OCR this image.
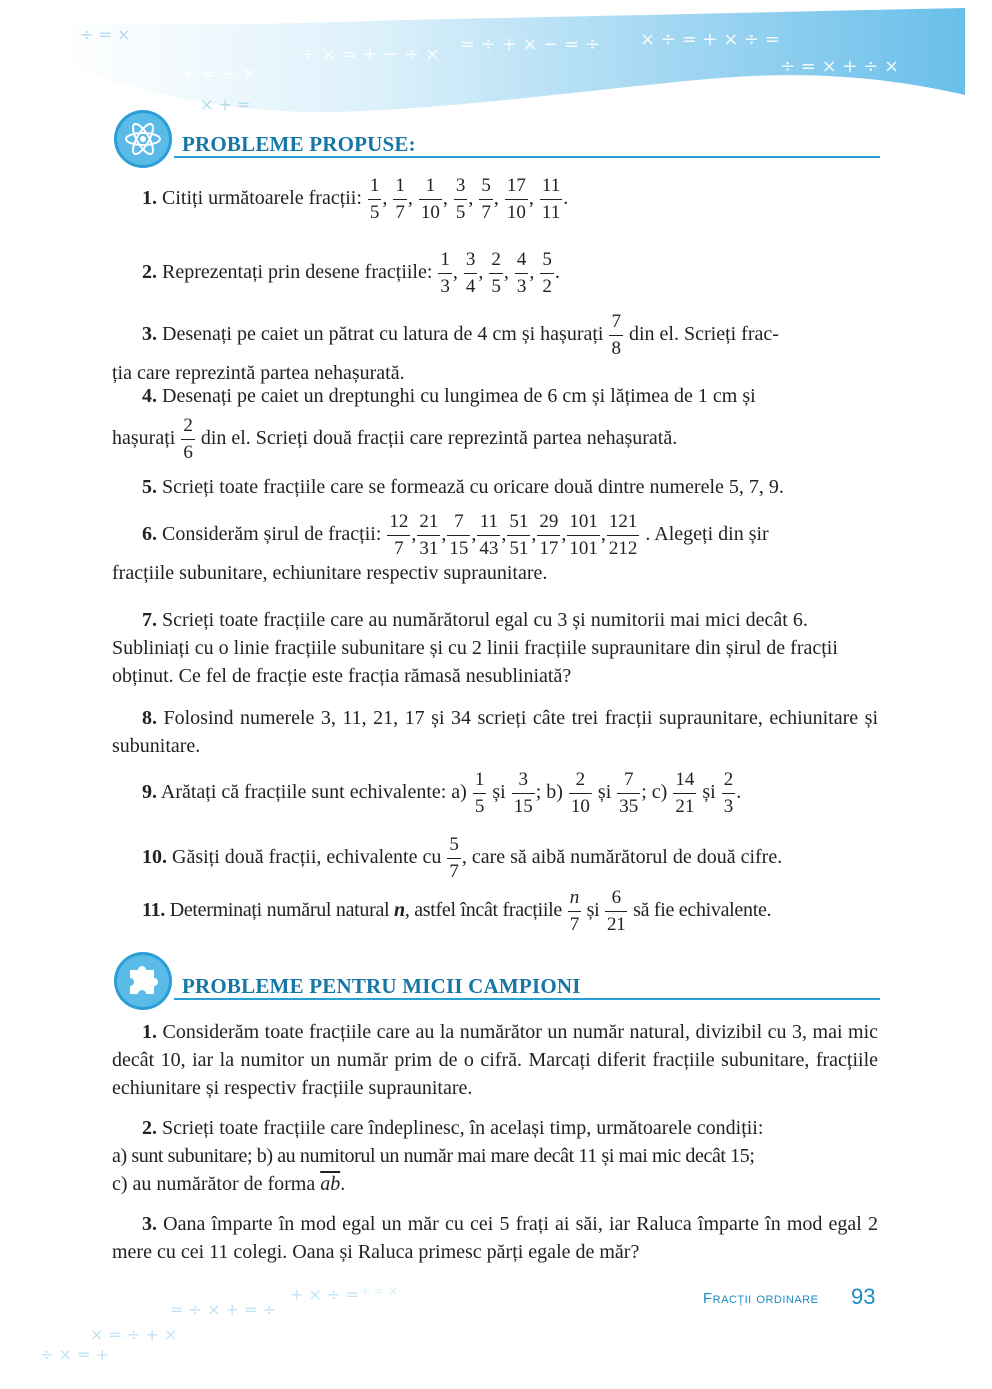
÷ × = + − ÷ × = ÷ + × − = ÷ × ÷ = + × ÷ =
÷ = × + ÷ ×
+ = ÷ ×
÷ = ×
× + =
PROBLEME PROPUSE:
1. Citiți următoarele fracții: $\frac{1}{5}$ , $\frac{1}{7}$ , $\frac{1}{10}$ , $\frac{3}{5}$ , $\frac{5}{7}$ , $\frac{17}{10}$ , $\frac{11}{11}$ .
2. Reprezentați prin desene fracțiile: $\frac{1}{3}$ , $\frac{3}{4}$ , $\frac{2}{5}$ , $\frac{4}{3}$ , $\frac{5}{2}$ .
3. Desenați pe caiet un pătrat cu latura de 4 cm și hașurați $\frac{7}{8}$ din el. Scrieți frac-
ția care reprezintă partea nehașurată.
4. Desenați pe caiet un dreptunghi cu lungimea de 6 cm și lățimea de 1 cm și
hașurați $\frac{2}{6}$ din el. Scrieți două fracții care reprezintă partea nehașurată.
5. Scrieți toate fracțiile care se formează cu oricare două dintre numerele 5, 7, 9.
6. Considerăm șirul de fracții: $\frac{12}{7}$ , $\frac{21}{31}$ , $\frac{7}{15}$ , $\frac{11}{43}$ , $\frac{51}{51}$ , $\frac{29}{17}$ , $\frac{101}{101}$ , $\frac{121}{212}$ . Alegeți din șir
fracțiile subunitare, echiunitare respectiv supraunitare.
7. Scrieți toate fracțiile care au numărătorul egal cu 3 și numitorii mai mici decât 6. Subliniați cu o linie fracțiile subunitare și cu 2 linii fracțiile supraunitare din șirul de fracții obținut. Ce fel de fracție este fracția rămasă nesubliniată?
8. Folosind numerele 3, 11, 21, 17 și 34 scrieți câte trei fracții supraunitare, echiunitare și subunitare.
9. Arătați că fracțiile sunt echivalente: $a) \frac{1}{5}$ și $\frac{3}{15}$ ; $b) \frac{2}{10}$ și $\frac{7}{35}$ ; $c) \frac{14}{21}$ și $\frac{2}{3}$ .
10. Găsiți două fracții, echivalente cu $\frac{5}{7}$ , care să aibă numărătorul de două cifre.
11. Determinați numărul natural n, astfel încât fracțiile $\frac{n}{7}$ și $\frac{6}{21}$ să fie echivalente.
PROBLEME PENTRU MICII CAMPIONI
1. Considerăm toate fracțiile care au la numărător un număr natural, divizibil cu 3, mai mic decât 10, iar la numitor un număr prim de o cifră. Marcați diferit fracțiile subunitare, fracțiile echiunitare și respectiv fracțiile supraunitare.
2. Scrieți toate fracțiile care îndeplinesc, în același timp, următoarele condiții:
a) sunt subunitare; b) au numitorul un număr mai mare decât 11 și mai mic decât 15;
c) au numărător de forma $\overline{ab}$.
3. Oana împarte în mod egal un măr cu cei 5 frați ai săi, iar Raluca împarte în mod egal 2 mere cu cei 11 colegi. Oana și Raluca primesc părți egale de măr?
÷ × = +
× = ÷ + ×
= ÷ × + = ÷
+ × ÷ = ÷ = ×	Fracții ordinare 93
